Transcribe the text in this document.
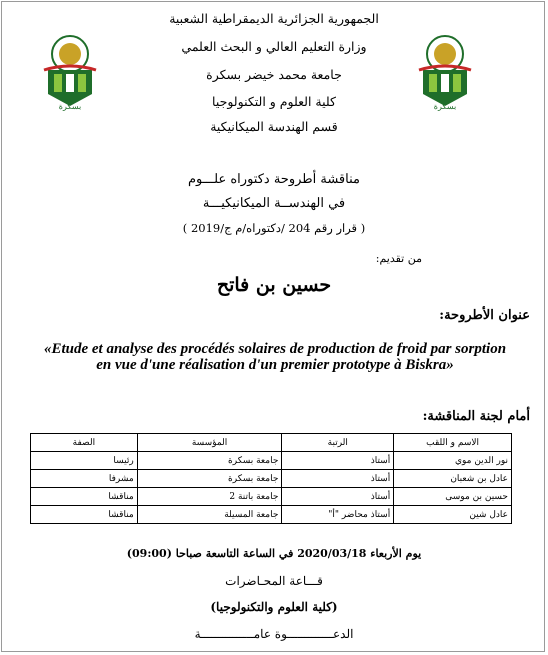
الجمهورية الجزائرية الديمقراطية الشعبية
وزارة التعليم العالي و البحث العلمي
جامعة محمد خيضر بسكرة
كلية العلوم و التكنولوجيا
قسم الهندسة الميكانيكية
بسكرة	بسكرة
مناقشة أطروحة دكتوراه علـــوم
في الهندســة الميكانيكيـــة
( قرار رقم 204 /دكتوراه/م ج/2019 )
من تقديم:
حسين بن فاتح
عنوان الأطروحة:
«Etude et analyse des procédés solaires de production de froid par sorption en vue d'une réalisation d'un premier prototype à Biskra»
أمام لجنة المناقشة:
الاسم و اللقب	الرتبة	المؤسسة	الصفة
نور الدين موي	أستاذ	جامعة بسكرة	رئيسا
عادل بن شعبان	أستاذ	جامعة بسكرة	مشرفا
حسين بن موسى	أستاذ	جامعة باتنة 2	مناقشا
عادل شين	أستاذ محاضر "أ"	جامعة المسيلة	مناقشا
يوم الأربعاء 2020/03/18 في الساعة التاسعة صباحا (09:00)
قـــاعة المحـاضرات
(كلية العلوم والتكنولوجيا)
الدعـــــــــــــوة عامـــــــــــــــة
